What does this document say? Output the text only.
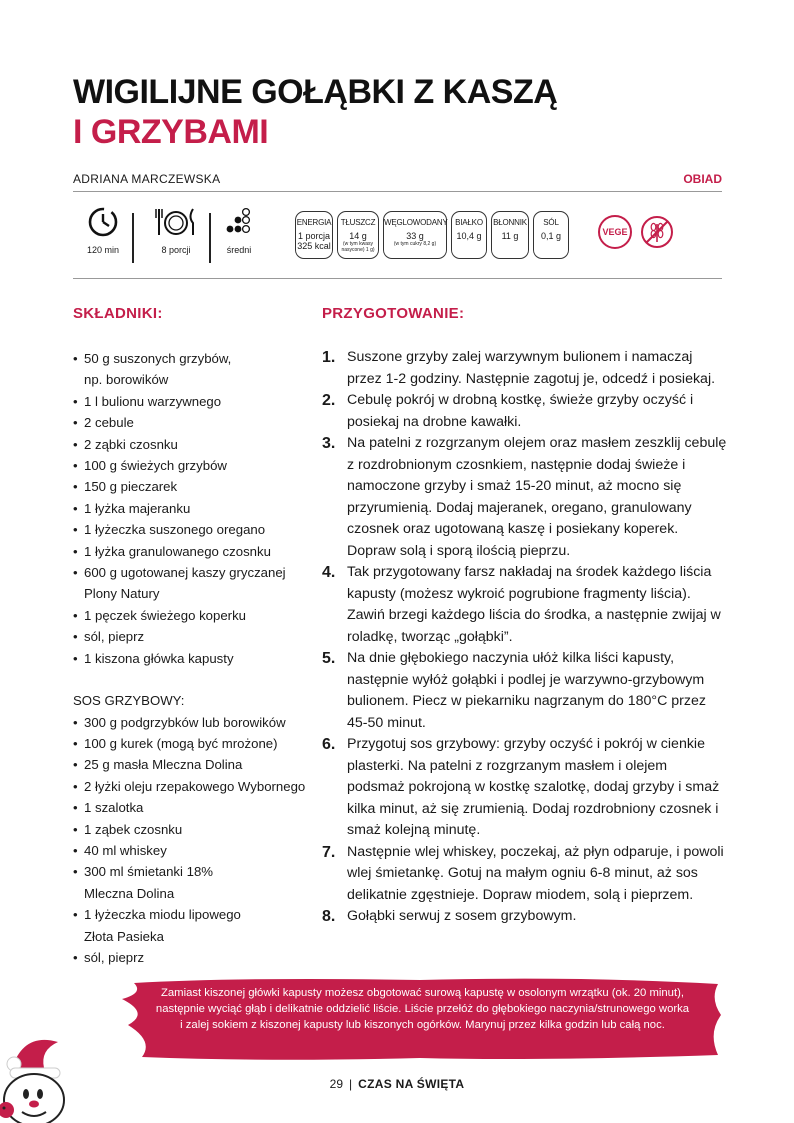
WIGILIJNE GOŁĄBKI Z KASZĄ
I GRZYBAMI
ADRIANA MARCZEWSKA	OBIAD
120 min	8 porcji	średni
ENERGIA
1 porcja
325 kcal
TŁUSZCZ
14 g
(w tym kwasy nasycone) 1 g)
WĘGLOWODANY
33 g
(w tym cukry 8,2 g)
BIAŁKO
10,4 g
BŁONNIK
11 g
SÓL
0,1 g	VEGE
SKŁADNIKI:	PRZYGOTOWANIE:
• 50 g suszonych grzybów,
np. borowików
• 1 l bulionu warzywnego
• 2 cebule
• 2 ząbki czosnku
• 100 g świeżych grzybów
• 150 g pieczarek
• 1 łyżka majeranku
• 1 łyżeczka suszonego oregano
• 1 łyżka granulowanego czosnku
• 600 g ugotowanej kaszy gryczanej
Plony Natury
• 1 pęczek świeżego koperku
• sól, pieprz
• 1 kiszona główka kapusty
SOS GRZYBOWY:
• 300 g podgrzybków lub borowików
• 100 g kurek (mogą być mrożone)
• 25 g masła Mleczna Dolina
• 2 łyżki oleju rzepakowego Wybornego
• 1 szalotka
• 1 ząbek czosnku
• 40 ml whiskey
• 300 ml śmietanki 18%
Mleczna Dolina
• 1 łyżeczka miodu lipowego
Złota Pasieka
• sól, pieprz
1. Suszone grzyby zalej warzywnym bulionem i namaczaj przez 1-2 godziny. Następnie zagotuj je, odcedź i posiekaj.
2. Cebulę pokrój w drobną kostkę, świeże grzyby oczyść i posiekaj na drobne kawałki.
3. Na patelni z rozgrzanym olejem oraz masłem zeszklij cebulę z rozdrobnionym czosnkiem, następnie dodaj świeże i namoczone grzyby i smaż 15-20 minut, aż mocno się przyrumienią. Dodaj majeranek, oregano, granulowany czosnek oraz ugotowaną kaszę i posiekany koperek. Dopraw solą i sporą ilością pieprzu.
4. Tak przygotowany farsz nakładaj na środek każdego liścia kapusty (możesz wykroić pogrubione fragmenty liścia). Zawiń brzegi każdego liścia do środka, a następnie zwijaj w roladkę, tworząc „gołąbki”.
5. Na dnie głębokiego naczynia ułóż kilka liści kapusty, następnie wyłóż gołąbki i podlej je warzywno-grzybowym bulionem. Piecz w piekarniku nagrzanym do 180°C przez 45-50 minut.
6. Przygotuj sos grzybowy: grzyby oczyść i pokrój w cienkie plasterki. Na patelni z rozgrzanym masłem i olejem podsmaż pokrojoną w kostkę szalotkę, dodaj grzyby i smaż kilka minut, aż się zrumienią. Dodaj rozdrobniony czosnek i smaż kolejną minutę.
7. Następnie wlej whiskey, poczekaj, aż płyn odparuje, i powoli wlej śmietankę. Gotuj na małym ogniu 6-8 minut, aż sos delikatnie zgęstnieje. Dopraw miodem, solą i pieprzem.
8. Gołąbki serwuj z sosem grzybowym.
Zamiast kiszonej główki kapusty możesz obgotować surową kapustę w osolonym wrzątku (ok. 20 minut), następnie wyciąć głąb i delikatnie oddzielić liście. Liście przełóż do głębokiego naczynia/strunowego worka i zalej sokiem z kiszonej kapusty lub kiszonych ogórków. Marynuj przez kilka godzin lub całą noc.
29 | CZAS NA ŚWIĘTA
